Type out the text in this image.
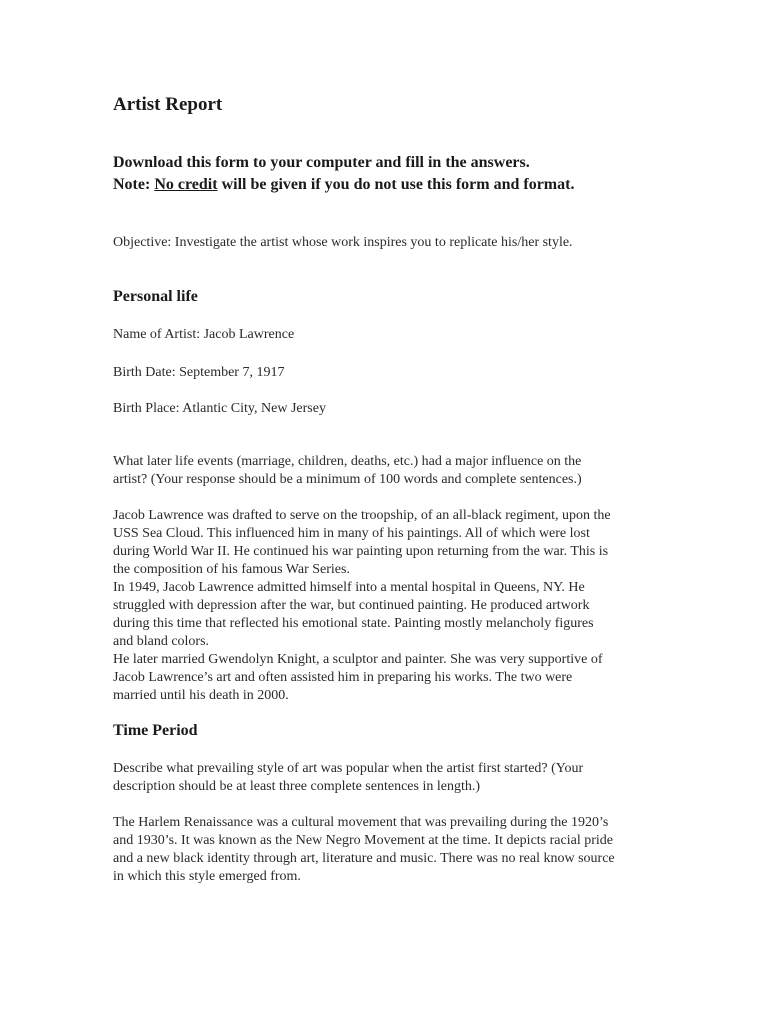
Artist Report
Download this form to your computer and fill in the answers.
Note: No credit will be given if you do not use this form and format.
Objective: Investigate the artist whose work inspires you to replicate his/her style.
Personal life
Name of Artist: Jacob Lawrence
Birth Date: September 7, 1917
Birth Place: Atlantic City, New Jersey
What later life events (marriage, children, deaths, etc.) had a major influence on the
artist? (Your response should be a minimum of 100 words and complete sentences.)
Jacob Lawrence was drafted to serve on the troopship, of an all-black regiment, upon the
USS Sea Cloud. This influenced him in many of his paintings. All of which were lost
during World War II. He continued his war painting upon returning from the war. This is
the composition of his famous War Series.
In 1949, Jacob Lawrence admitted himself into a mental hospital in Queens, NY. He
struggled with depression after the war, but continued painting. He produced artwork
during this time that reflected his emotional state. Painting mostly melancholy figures
and bland colors.
He later married Gwendolyn Knight, a sculptor and painter. She was very supportive of
Jacob Lawrence’s art and often assisted him in preparing his works. The two were
married until his death in 2000.
Time Period
Describe what prevailing style of art was popular when the artist first started? (Your
description should be at least three complete sentences in length.)
The Harlem Renaissance was a cultural movement that was prevailing during the 1920’s
and 1930’s. It was known as the New Negro Movement at the time. It depicts racial pride
and a new black identity through art, literature and music. There was no real know source
in which this style emerged from.
